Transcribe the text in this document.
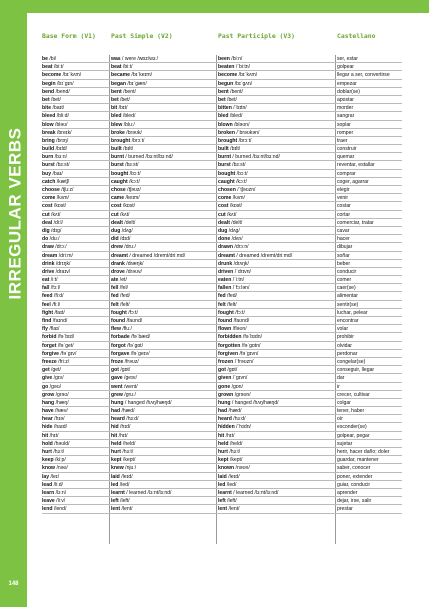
IRREGULAR VERBS
148
Base Form (V1) Past Simple (V2)	Past Participle (V3)	Castellano
be /bi/	was / were /wɒz/wɜː/	been /biːn/	ser, estar
beat /biːt/	beat /biːt/	beaten /ˈbiːtn/	golpear
become /bɪˈkʌm/	became /bɪˈkeɪm/	become /bɪˈkʌm/	llegar a ser, convertirse
begin /bɪˈgɪn/	began /bɪˈgæn/	begun /bɪˈgʌn/	empezar
bend /bend/	bent /bent/	bent /bent/	doblar(se)
bet /bet/	bet /bet/	bet /bet/	apostar
bite /baɪt/	bit /bɪt/	bitten /ˈbɪtn/	morder
bleed /bliːd/	bled /bled/	bled /bled/	sangrar
blow /bləʊ/	blew /bluː/	blown /bləʊn/	soplar
break /breɪk/	broke /brəʊk/	broken /ˈbrəʊkən/	romper
bring /brɪŋ/	brought /brɔːt/	brought /brɔːt/	traer
build /bɪld/	built /bɪlt/	built /bɪlt/	construir
burn /bɜːn/	burnt / burned /bɜːnt/bɜːnd/	burnt / burned /bɜːnt/bɜːnd/	quemar
burst /bɜːst/	burst /bɜːst/	burst /bɜːst/	reventar, estallar
buy /baɪ/	bought /bɔːt/	bought /bɔːt/	comprar
catch /kætʃ/	caught /kɔːt/	caught /kɔːt/	coger, agarrar
choose /tʃuːz/	chose /tʃəʊz/	chosen /ˈtʃəʊzn/	elegir
come /kʌm/	came /keɪm/	come /kʌm/	venir
cost /kɒst/	cost /kɒst/	cost /kɒst/	costar
cut /kʌt/	cut /kʌt/	cut /kʌt/	cortar
deal /diːl/	dealt /delt/	dealt /delt/	comerciar, tratar
dig /dɪg/	dug /dʌg/	dug /dʌg/	cavar
do /duː/	did /dɪd/	done /dʌn/	hacer
draw /drɔː/	drew /druː/	drawn /drɔːn/	dibujar
dream /driːm/	dreamt / dreamed /dremt/driːmd/	dreamt / dreamed /dremt/driːmd/	soñar
drink /drɪŋk/	drank /dræŋk/	drunk /drʌŋk/	beber
drive /draɪv/	drove /drəʊv/	driven /ˈdrɪvn/	conducir
eat /iːt/	ate /et/	eaten /ˈiːtn/	comer
fall /fɔːl/	fell /fel/	fallen /ˈfɔːlən/	caer(se)
feed /fiːd/	fed /fed/	fed /fed/	alimentar
feel /fiːl/	felt /felt/	felt /felt/	sentir(se)
fight /faɪt/	fought /fɔːt/	fought /fɔːt/	luchar, pelear
find /faɪnd/	found /faʊnd/	found /faʊnd/	encontrar
fly /flaɪ/	flew /fluː/	flown /fləʊn/	volar
forbid /fəˈbɪd/	forbade /fəˈbæd/	forbidden /fəˈbɪdn/	prohibir
forget /fəˈget/	forgot /fəˈgɒt/	forgotten /fəˈgɒtn/	olvidar
forgive /fəˈgɪv/	forgave /fəˈgeɪv/	forgiven /fəˈgɪvn/	perdonar
freeze /friːz/	froze /frəʊz/	frozen /ˈfrəʊzn/	congelar(se)
get /get/	got /gɒt/	got /gɒt/	conseguir, llegar
give /gɪv/	gave /geɪv/	given /ˈgɪvn/	dar
go /gəʊ/	went /went/	gone /gɒn/	ir
grow /grəʊ/	grew /gruː/	grown /grəʊn/	crecer, cultivar
hang /hæŋ/	hung / hanged /hʌŋ/hæŋd/	hung / hanged /hʌŋ/hæŋd/	colgar
have /hæv/	had /hæd/	had /hæd/	tener, haber
hear /hɪə/	heard /hɜːd/	heard /hɜːd/	oír
hide /haɪd/	hid /hɪd/	hidden /ˈhɪdn/	esconder(se)
hit /hɪt/	hit /hɪt/	hit /hɪt/	golpear, pegar
hold /həʊld/	held /held/	held /held/	sujetar
hurt /hɜːt/	hurt /hɜːt/	hurt /hɜːt/	herir, hacer daño; doler
keep /kiːp/	kept /kept/	kept /kept/	guardar, mantener
know /nəʊ/	knew /njuː/	known /nəʊn/	saber, conocer
lay /leɪ/	laid /leɪd/	laid /leɪd/	poner, extender
lead /liːd/	led /led/	led /led/	guiar, conducir
learn /lɜːn/	learnt / learned /lɜːnt/lɜːnd/	learnt / learned /lɜːnt/lɜːnd/	aprender
leave /liːv/	left /left/	left /left/	dejar, irse, salir
lend /lend/	lent /lent/	lent /lent/	prestar
